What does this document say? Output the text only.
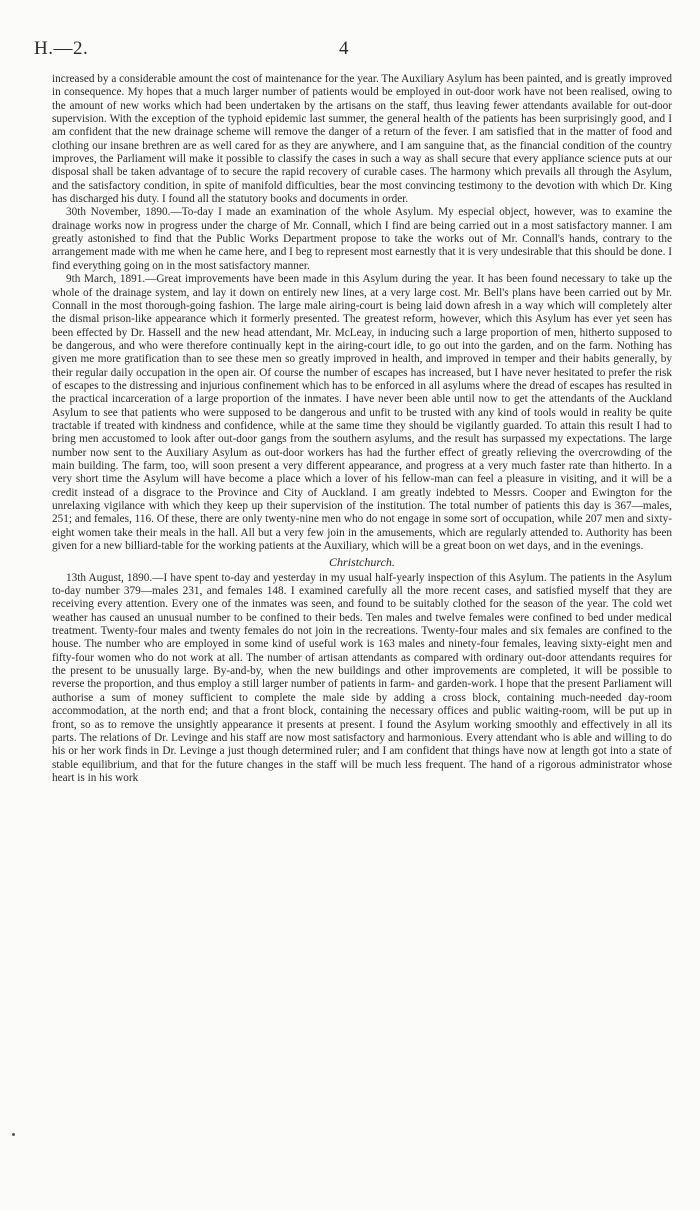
H.—2.	4

increased by a considerable amount the cost of maintenance for the year. The Auxiliary Asylum has been painted, and is greatly improved in consequence. My hopes that a much larger number of patients would be employed in out-door work have not been realised, owing to the amount of new works which had been undertaken by the artisans on the staff, thus leaving fewer attendants available for out-door supervision. With the exception of the typhoid epidemic last summer, the general health of the patients has been surprisingly good, and I am confident that the new drainage scheme will remove the danger of a return of the fever. I am satisfied that in the matter of food and clothing our insane brethren are as well cared for as they are anywhere, and I am sanguine that, as the financial condition of the country improves, the Parliament will make it possible to classify the cases in such a way as shall secure that every appliance science puts at our disposal shall be taken advantage of to secure the rapid recovery of curable cases. The harmony which prevails all through the Asylum, and the satisfactory condition, in spite of manifold difficulties, bear the most convincing testimony to the devotion with which Dr. King has discharged his duty. I found all the statutory books and documents in order.

30th November, 1890.—To-day I made an examination of the whole Asylum. My especial object, however, was to examine the drainage works now in progress under the charge of Mr. Connall, which I find are being carried out in a most satisfactory manner. I am greatly astonished to find that the Public Works Department propose to take the works out of Mr. Connall's hands, contrary to the arrangement made with me when he came here, and I beg to represent most earnestly that it is very undesirable that this should be done. I find everything going on in the most satisfactory manner.

9th March, 1891.—Great improvements have been made in this Asylum during the year. It has been found necessary to take up the whole of the drainage system, and lay it down on entirely new lines, at a very large cost. Mr. Bell's plans have been carried out by Mr. Connall in the most thorough-going fashion. The large male airing-court is being laid down afresh in a way which will completely alter the dismal prison-like appearance which it formerly presented. The greatest reform, however, which this Asylum has ever yet seen has been effected by Dr. Hassell and the new head attendant, Mr. McLeay, in inducing such a large proportion of men, hitherto supposed to be dangerous, and who were therefore continually kept in the airing-court idle, to go out into the garden, and on the farm. Nothing has given me more gratification than to see these men so greatly improved in health, and improved in temper and their habits generally, by their regular daily occupation in the open air. Of course the number of escapes has increased, but I have never hesitated to prefer the risk of escapes to the distressing and injurious confinement which has to be enforced in all asylums where the dread of escapes has resulted in the practical incarceration of a large proportion of the inmates. I have never been able until now to get the attendants of the Auckland Asylum to see that patients who were supposed to be dangerous and unfit to be trusted with any kind of tools would in reality be quite tractable if treated with kindness and confidence, while at the same time they should be vigilantly guarded. To attain this result I had to bring men accustomed to look after out-door gangs from the southern asylums, and the result has surpassed my expectations. The large number now sent to the Auxiliary Asylum as out-door workers has had the further effect of greatly relieving the overcrowding of the main building. The farm, too, will soon present a very different appearance, and progress at a very much faster rate than hitherto. In a very short time the Asylum will have become a place which a lover of his fellow-man can feel a pleasure in visiting, and it will be a credit instead of a disgrace to the Province and City of Auckland. I am greatly indebted to Messrs. Cooper and Ewington for the unrelaxing vigilance with which they keep up their supervision of the institution. The total number of patients this day is 367—males, 251; and females, 116. Of these, there are only twenty-nine men who do not engage in some sort of occupation, while 207 men and sixty-eight women take their meals in the hall. All but a very few join in the amusements, which are regularly attended to. Authority has been given for a new billiard-table for the working patients at the Auxiliary, which will be a great boon on wet days, and in the evenings.

Christchurch.

13th August, 1890.—I have spent to-day and yesterday in my usual half-yearly inspection of this Asylum. The patients in the Asylum to-day number 379—males 231, and females 148. I examined carefully all the more recent cases, and satisfied myself that they are receiving every attention. Every one of the inmates was seen, and found to be suitably clothed for the season of the year. The cold wet weather has caused an unusual number to be confined to their beds. Ten males and twelve females were confined to bed under medical treatment. Twenty-four males and twenty females do not join in the recreations. Twenty-four males and six females are confined to the house. The number who are employed in some kind of useful work is 163 males and ninety-four females, leaving sixty-eight men and fifty-four women who do not work at all. The number of artisan attendants as compared with ordinary out-door attendants requires for the present to be unusually large. By-and-by, when the new buildings and other improvements are completed, it will be possible to reverse the proportion, and thus employ a still larger number of patients in farm- and garden-work. I hope that the present Parliament will authorise a sum of money sufficient to complete the male side by adding a cross block, containing much-needed day-room accommodation, at the north end; and that a front block, containing the necessary offices and public waiting-room, will be put up in front, so as to remove the unsightly appearance it presents at present. I found the Asylum working smoothly and effectively in all its parts. The relations of Dr. Levinge and his staff are now most satisfactory and harmonious. Every attendant who is able and willing to do his or her work finds in Dr. Levinge a just though determined ruler; and I am confident that things have now at length got into a state of stable equilibrium, and that for the future changes in the staff will be much less frequent. The hand of a rigorous administrator whose heart is in his work
